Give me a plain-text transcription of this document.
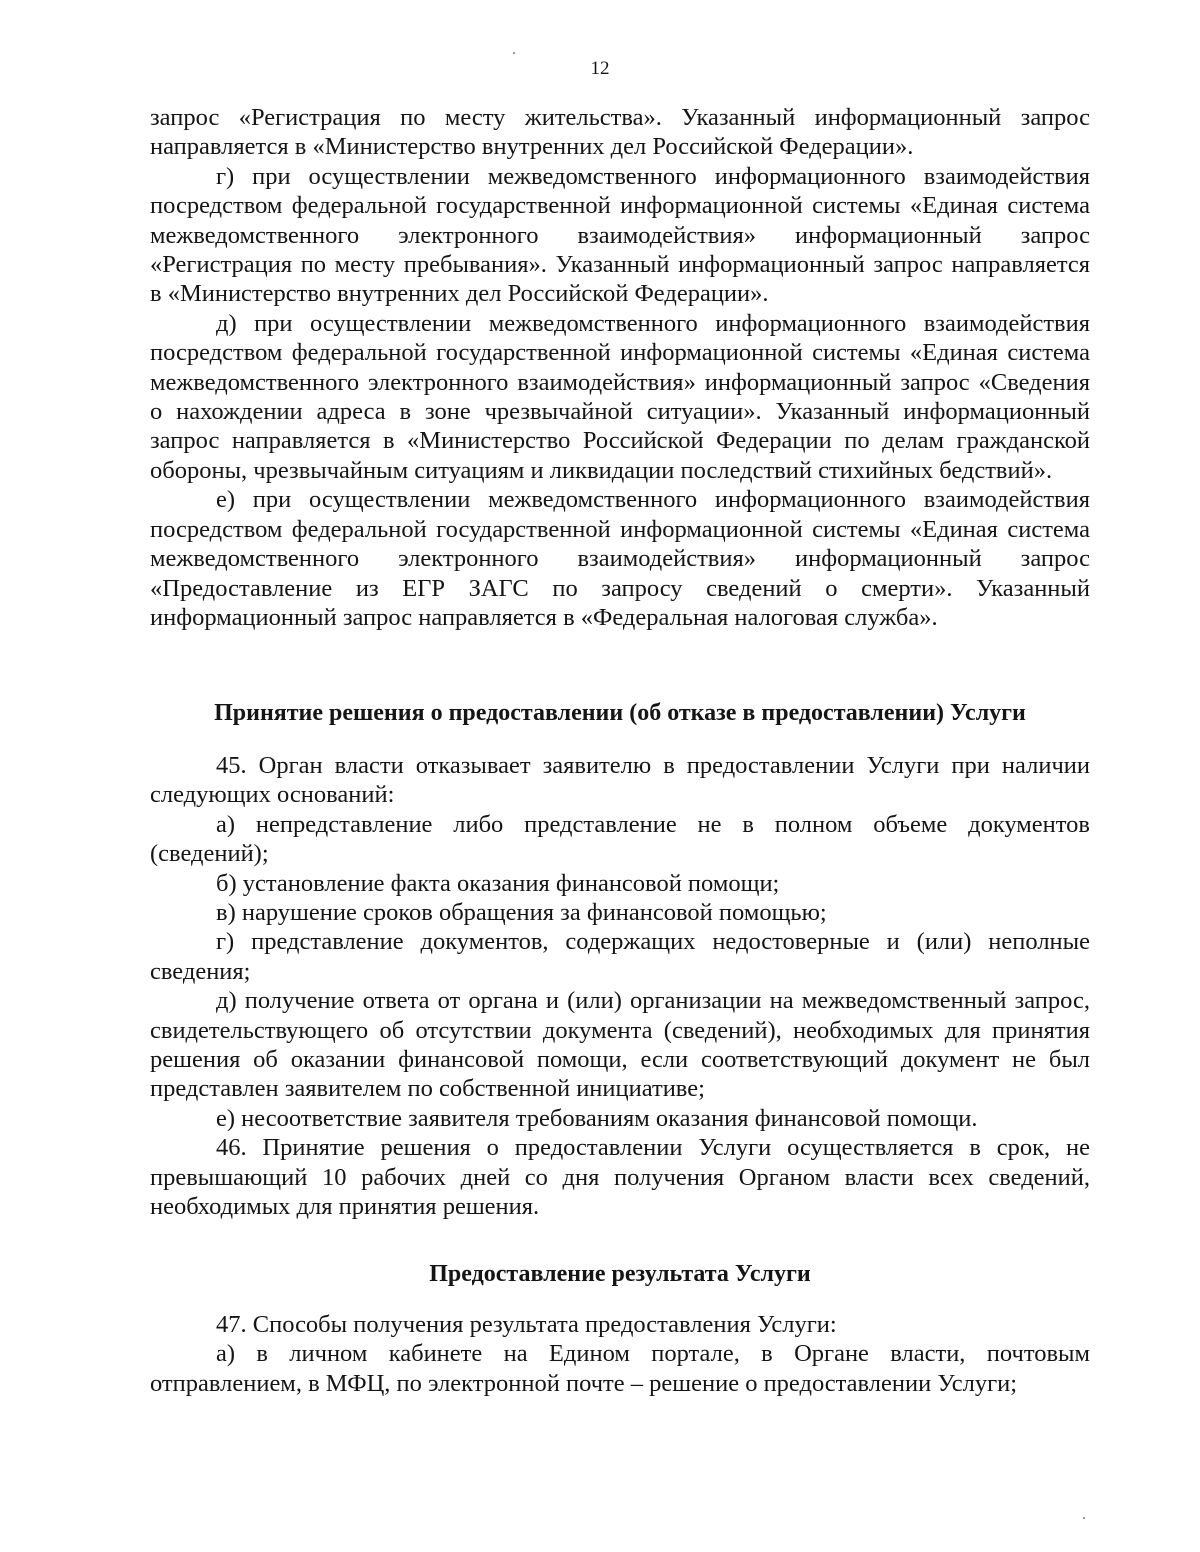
12

запрос «Регистрация по месту жительства». Указанный информационный запрос направляется в «Министерство внутренних дел Российской Федерации».

г) при осуществлении межведомственного информационного взаимодействия посредством федеральной государственной информационной системы «Единая система межведомственного электронного взаимодействия» информационный запрос «Регистрация по месту пребывания». Указанный информационный запрос направляется в «Министерство внутренних дел Российской Федерации».

д) при осуществлении межведомственного информационного взаимодействия посредством федеральной государственной информационной системы «Единая система межведомственного электронного взаимодействия» информационный запрос «Сведения о нахождении адреса в зоне чрезвычайной ситуации». Указанный информационный запрос направляется в «Министерство Российской Федерации по делам гражданской обороны, чрезвычайным ситуациям и ликвидации последствий стихийных бедствий».

е) при осуществлении межведомственного информационного взаимодействия посредством федеральной государственной информационной системы «Единая система межведомственного электронного взаимодействия» информационный запрос «Предоставление из ЕГР ЗАГС по запросу сведений о смерти». Указанный информационный запрос направляется в «Федеральная налоговая служба».

Принятие решения о предоставлении (об отказе в предоставлении) Услуги

45. Орган власти отказывает заявителю в предоставлении Услуги при наличии следующих оснований:

а) непредставление либо представление не в полном объеме документов (сведений);

б) установление факта оказания финансовой помощи;

в) нарушение сроков обращения за финансовой помощью;

г) представление документов, содержащих недостоверные и (или) неполные сведения;

д) получение ответа от органа и (или) организации на межведомственный запрос, свидетельствующего об отсутствии документа (сведений), необходимых для принятия решения об оказании финансовой помощи, если соответствующий документ не был представлен заявителем по собственной инициативе;

е) несоответствие заявителя требованиям оказания финансовой помощи.

46. Принятие решения о предоставлении Услуги осуществляется в срок, не превышающий 10 рабочих дней со дня получения Органом власти всех сведений, необходимых для принятия решения.

Предоставление результата Услуги

47. Способы получения результата предоставления Услуги:

а) в личном кабинете на Едином портале, в Органе власти, почтовым отправлением, в МФЦ, по электронной почте – решение о предоставлении Услуги;
